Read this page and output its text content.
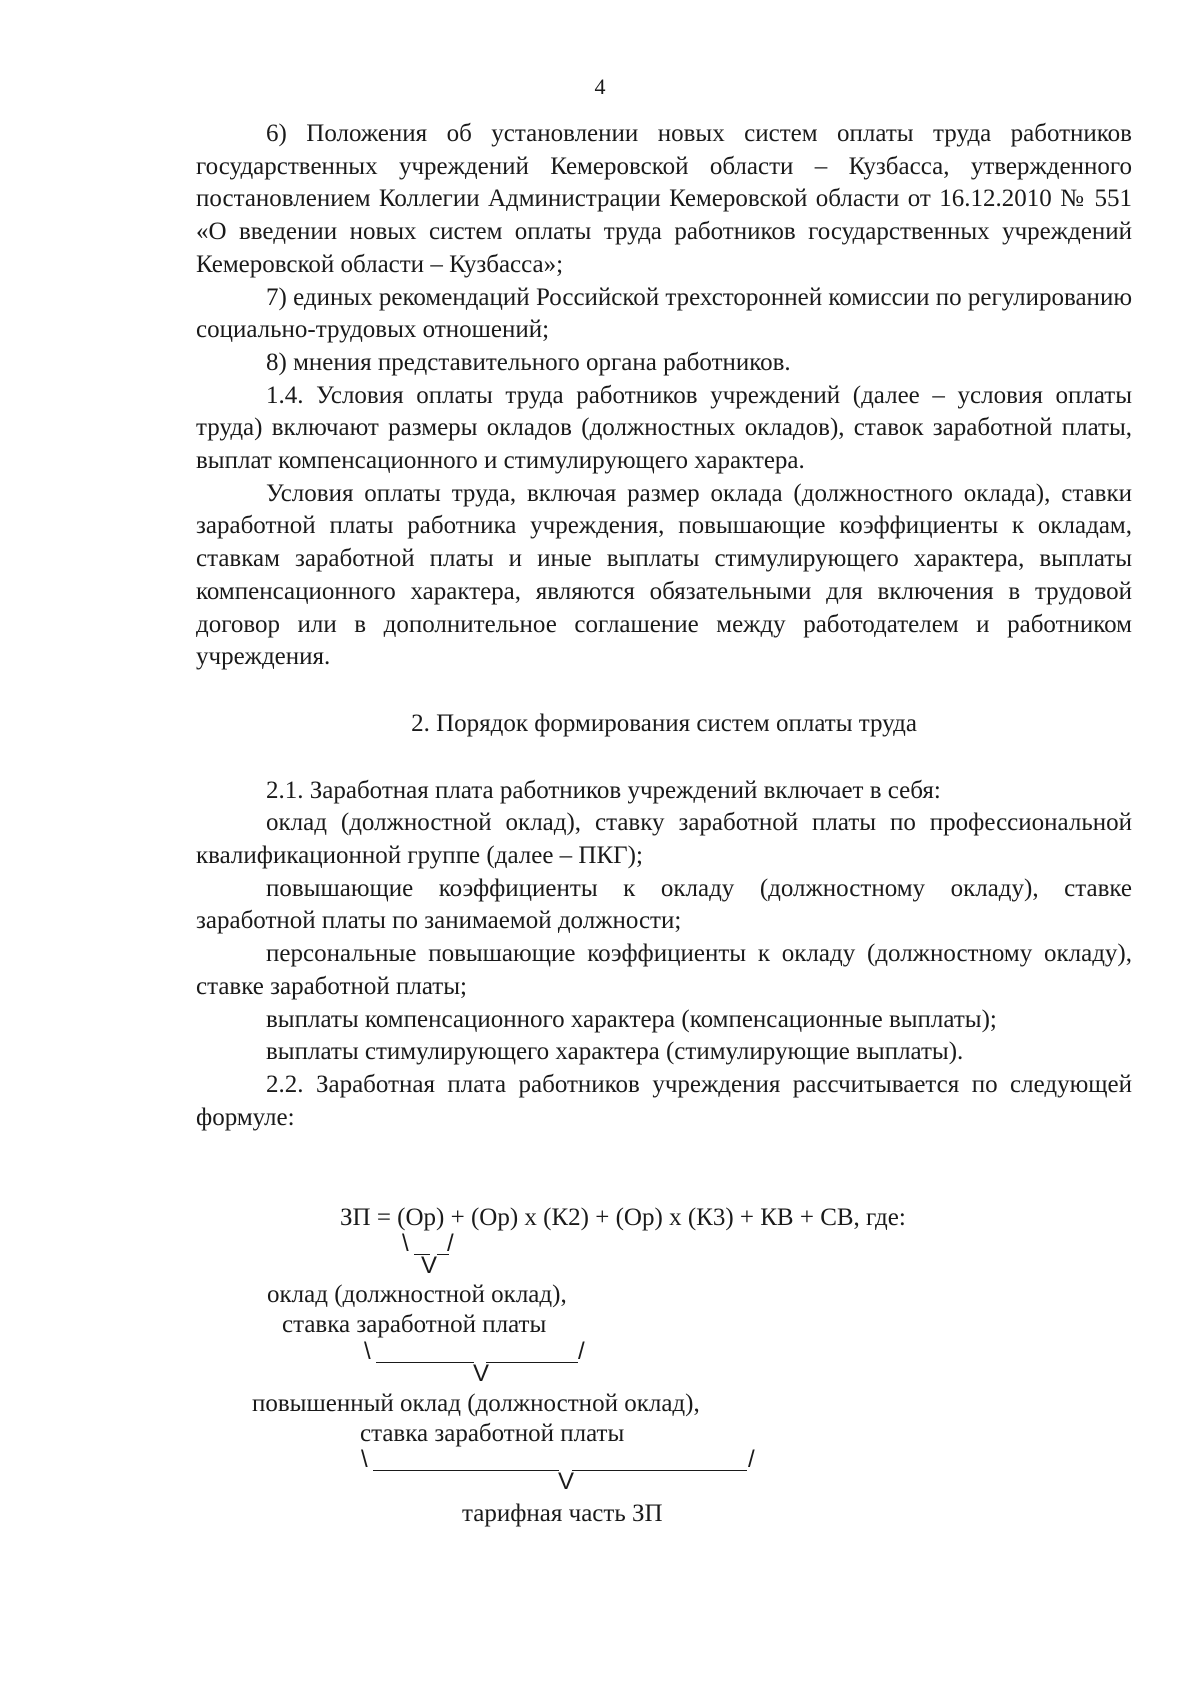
4

6) Положения об установлении новых систем оплаты труда работников государственных учреждений Кемеровской области – Кузбасса, утвержденного постановлением Коллегии Администрации Кемеровской области от 16.12.2010 № 551 «О введении новых систем оплаты труда работников государственных учреждений Кемеровской области – Кузбасса»;

7) единых рекомендаций Российской трехсторонней комиссии по регулированию социально-трудовых отношений;

8) мнения представительного органа работников.

1.4. Условия оплаты труда работников учреждений (далее – условия оплаты труда) включают размеры окладов (должностных окладов), ставок заработной платы, выплат компенсационного и стимулирующего характера.

Условия оплаты труда, включая размер оклада (должностного оклада), ставки заработной платы работника учреждения, повышающие коэффициенты к окладам, ставкам заработной платы и иные выплаты стимулирующего характера, выплаты компенсационного характера, являются обязательными для включения в трудовой договор или в дополнительное соглашение между работодателем и работником учреждения.

2. Порядок формирования систем оплаты труда

2.1. Заработная плата работников учреждений включает в себя:

оклад (должностной оклад), ставку заработной платы по профессиональной квалификационной группе (далее – ПКГ);

повышающие коэффициенты к окладу (должностному окладу), ставке заработной платы по занимаемой должности;

персональные повышающие коэффициенты к окладу (должностному окладу), ставке заработной платы;

выплаты компенсационного характера (компенсационные выплаты);

выплаты стимулирующего характера (стимулирующие выплаты).

2.2. Заработная плата работников учреждения рассчитывается по следующей формуле:

ЗП = (Ор) + (Ор) x (К2) + (Ор) x (К3) + КВ + СВ, где:
\ /
V
оклад (должностной оклад),
ставка заработной платы
\	/
V
повышенный оклад (должностной оклад),
ставка заработной платы
\	/
V
тарифная часть ЗП
